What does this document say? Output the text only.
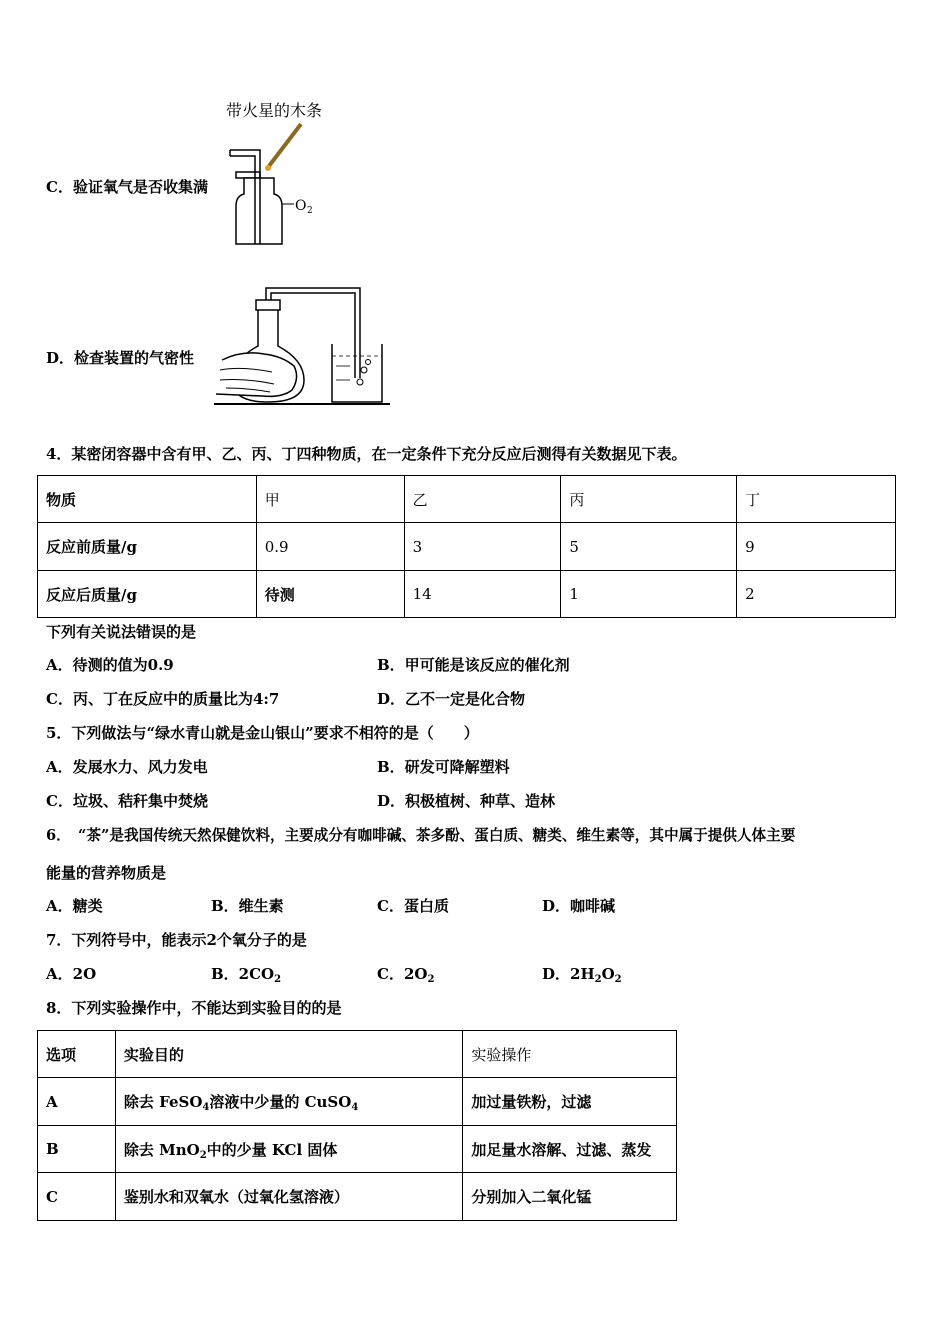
C．验证氧气是否收集满
带火星的木条
O 2
D．检查装置的气密性
4．某密闭容器中含有甲、乙、丙、丁四种物质，在一定条件下充分反应后测得有关数据见下表。
物质	甲	乙	丙	丁
反应前质量/g	0.9	3	5	9
反应后质量/g	待测	14	1	2
下列有关说法错误的是
A．待测的值为0.9	B．甲可能是该反应的催化剂
C．丙、丁在反应中的质量比为4:7	D．乙不一定是化合物
5．下列做法与“绿水青山就是金山银山”要求不相符的是（　　）
A．发展水力、风力发电	B．研发可降解塑料
C．垃圾、秸秆集中焚烧	D．积极植树、种草、造林
6．　“茶”是我国传统天然保健饮料，主要成分有咖啡碱、茶多酚、蛋白质、糖类、维生素等，其中属于提供人体主要
能量的营养物质是
A．糖类	B．维生素	C．蛋白质	D．咖啡碱
7．下列符号中，能表示2个氧分子的是
A．2O	B．$2CO_2$	C．$2O_2$	D．$2H_2O_2$
8．下列实验操作中，不能达到实验目的的是
选项	实验目的	实验操作
A	除去 FeSO$_4$溶液中少量的 CuSO$_4$	加过量铁粉，过滤
B	除去 MnO$_2$中的少量 KCl 固体	加足量水溶解、过滤、蒸发
C	鉴别水和双氧水（过氧化氢溶液）	分别加入二氧化锰
